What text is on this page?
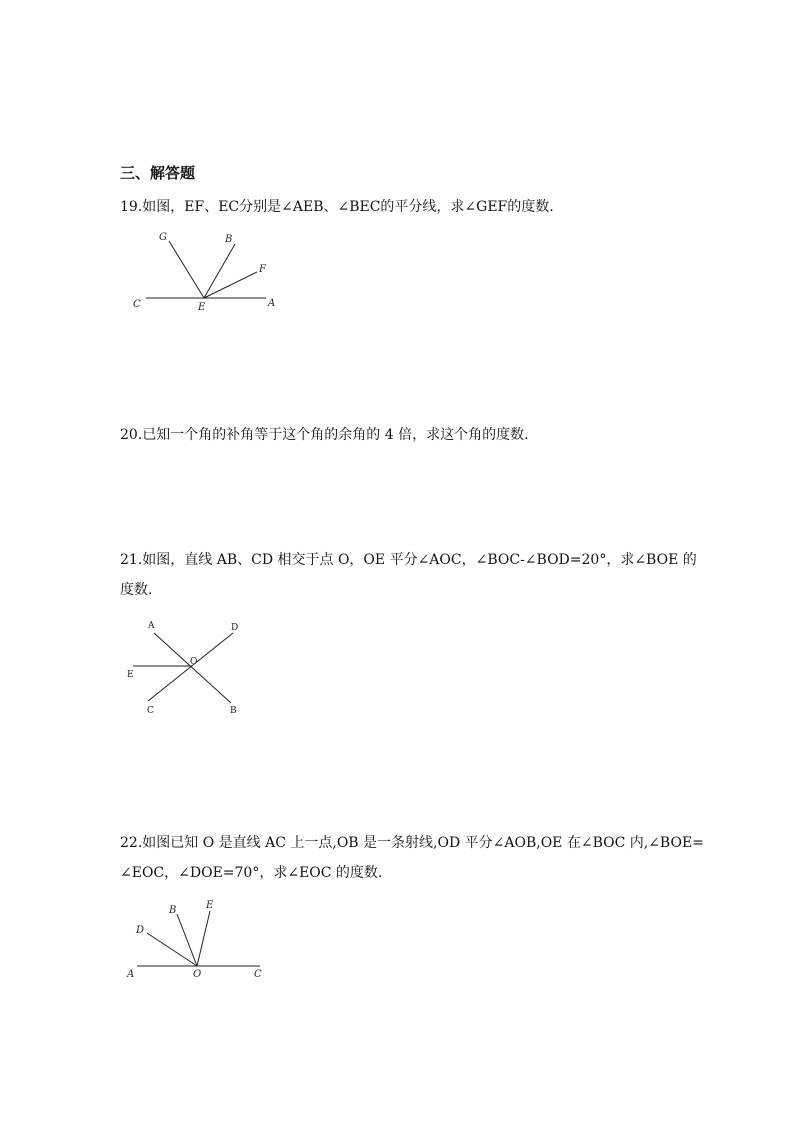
三、解答题
19.如图，EF、EC分别是∠AEB、∠BEC的平分线，求∠GEF的度数.
G	B
F
C	E	A
20.已知一个角的补角等于这个角的余角的 4 倍，求这个角的度数.
21.如图，直线 AB、CD 相交于点 O，OE 平分∠AOC，∠BOC-∠BOD=20°，求∠BOE 的
度数.
A	D
O
E
C	B
22.如图已知 O 是直线 AC 上一点,OB 是一条射线,OD 平分∠AOB,OE 在∠BOC 内,∠BOE=
∠EOC，∠DOE=70°，求∠EOC 的度数.
B	E
D
A	O	C
